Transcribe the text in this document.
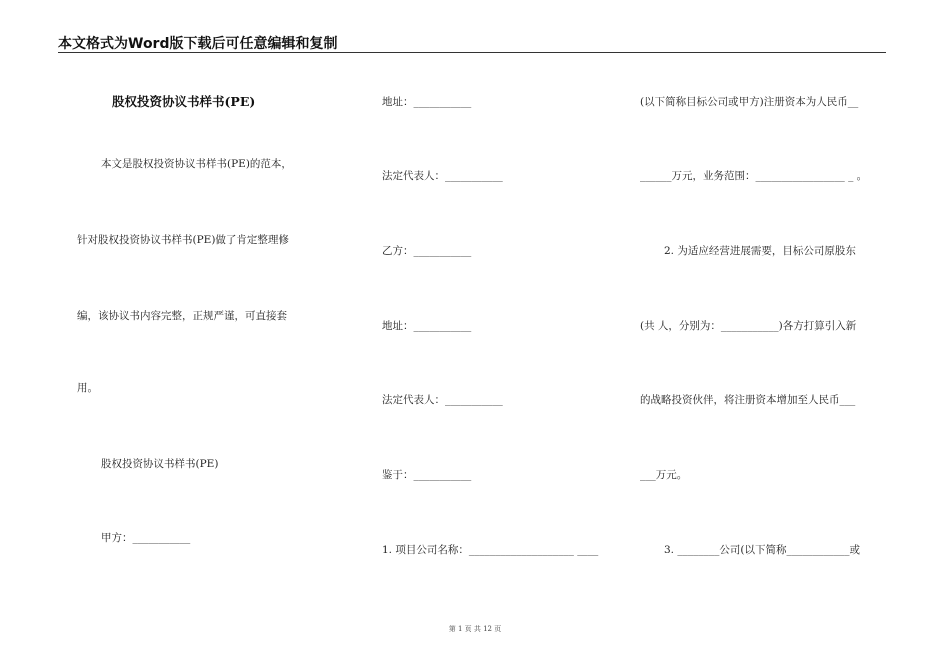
本文格式为Word版下载后可任意编辑和复制
股权投资协议书样书(PE)
本文是股权投资协议书样书(PE)的范本，
针对股权投资协议书样书(PE)做了肯定整理修
编，该协议书内容完整，正规严谨，可直接套
用。
股权投资协议书样书(PE)
甲方：___________
地址：___________
法定代表人：___________
乙方：___________
地址：___________
法定代表人：___________
鉴于：___________
1. 项目公司名称：____________________ ____
(以下简称目标公司或甲方)注册资本为人民币__
______万元，业务范围：_________________ _ 。
2. 为适应经营进展需要，目标公司原股东
(共 人，分别为：___________)各方打算引入新
的战略投资伙伴，将注册资本增加至人民币___
___万元。
3. ________公司(以下简称____________或
第 1 页 共 12 页
